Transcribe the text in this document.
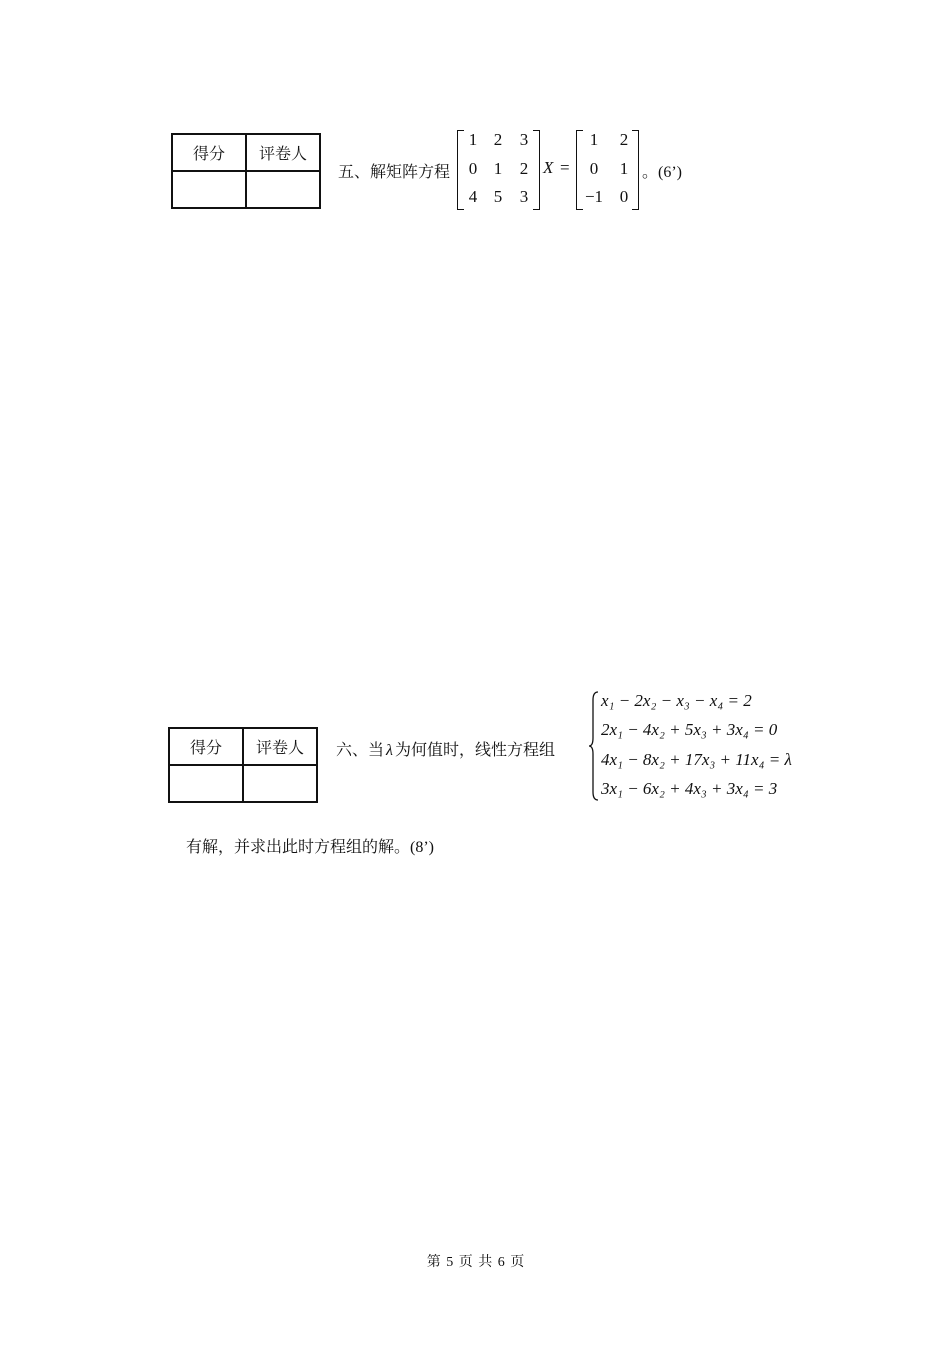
得分	评卷人

五、解矩阵方程
1 2	3
0 1	2
4 5	3
X =
1	2
0	1
−1 0
。(6’)
得分	评卷人
	六、当 λ 为何值时，线性方程组
x₁ − 2x₂ − x₃ − x₄ = 2
2x₁ − 4x₂ + 5x₃ + 3x₄ = 0
4x₁ − 8x₂ + 17x₃ + 11x₄ = λ
3x₁ − 6x₂ + 4x₃ + 3x₄ = 3
有解，并求出此时方程组的解。(8’)
第 5 页 共 6 页
